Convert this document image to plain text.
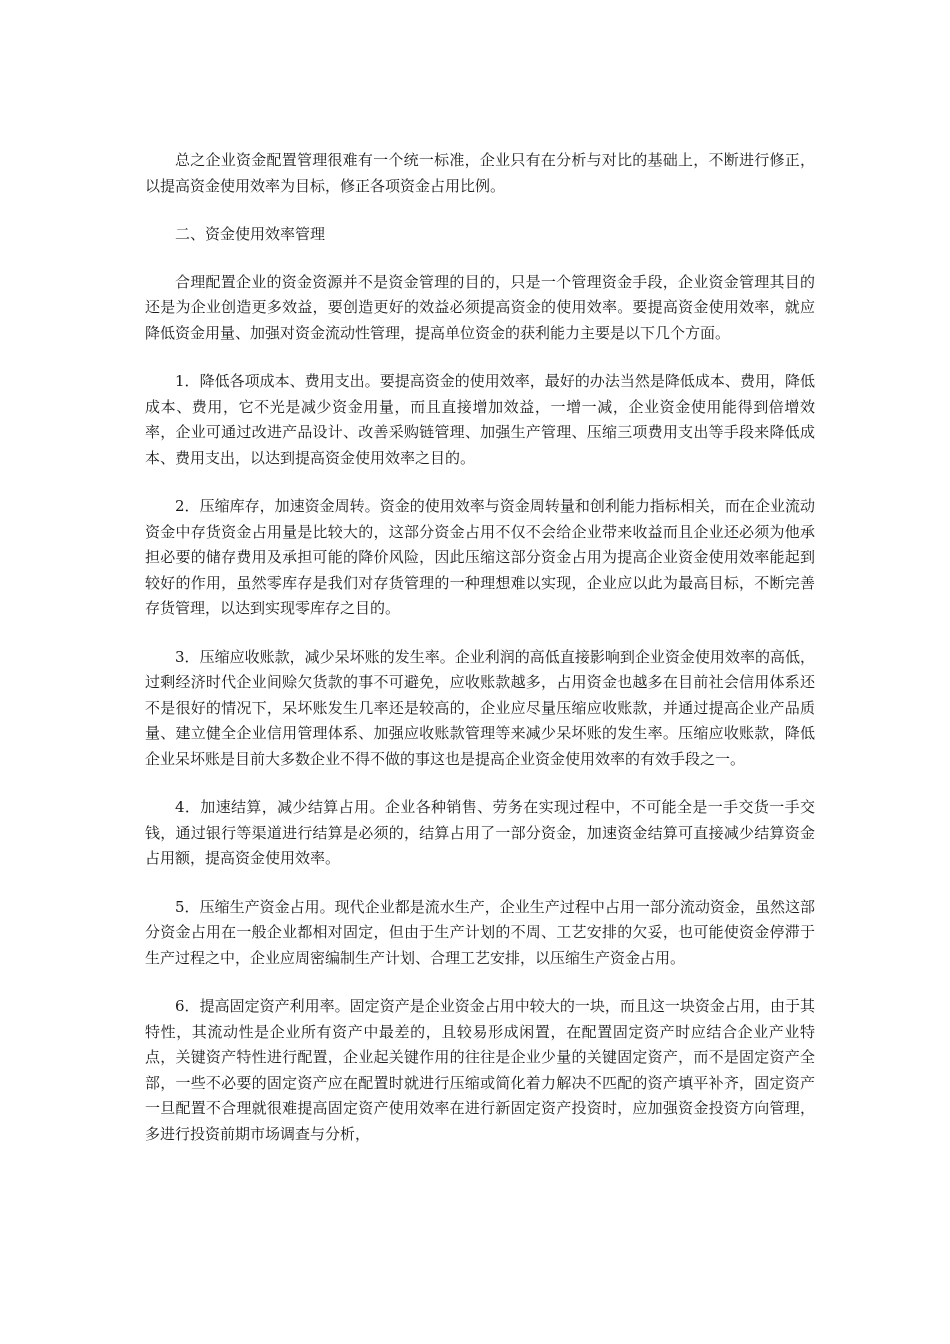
总之企业资金配置管理很难有一个统一标准，企业只有在分析与对比的基础上，不断进行修正，以提高资金使用效率为目标，修正各项资金占用比例。

二、资金使用效率管理

合理配置企业的资金资源并不是资金管理的目的，只是一个管理资金手段，企业资金管理其目的还是为企业创造更多效益，要创造更好的效益必须提高资金的使用效率。要提高资金使用效率，就应降低资金用量、加强对资金流动性管理，提高单位资金的获利能力主要是以下几个方面。

1．降低各项成本、费用支出。要提高资金的使用效率，最好的办法当然是降低成本、费用，降低成本、费用，它不光是减少资金用量，而且直接增加效益，一增一减，企业资金使用能得到倍增效率，企业可通过改进产品设计、改善采购链管理、加强生产管理、压缩三项费用支出等手段来降低成本、费用支出，以达到提高资金使用效率之目的。

2．压缩库存，加速资金周转。资金的使用效率与资金周转量和创利能力指标相关，而在企业流动资金中存货资金占用量是比较大的，这部分资金占用不仅不会给企业带来收益而且企业还必须为他承担必要的储存费用及承担可能的降价风险，因此压缩这部分资金占用为提高企业资金使用效率能起到较好的作用，虽然零库存是我们对存货管理的一种理想难以实现，企业应以此为最高目标，不断完善存货管理，以达到实现零库存之目的。

3．压缩应收账款，减少呆坏账的发生率。企业利润的高低直接影响到企业资金使用效率的高低，过剩经济时代企业间赊欠货款的事不可避免，应收账款越多，占用资金也越多在目前社会信用体系还不是很好的情况下，呆坏账发生几率还是较高的，企业应尽量压缩应收账款，并通过提高企业产品质量、建立健全企业信用管理体系、加强应收账款管理等来减少呆坏账的发生率。压缩应收账款，降低企业呆坏账是目前大多数企业不得不做的事这也是提高企业资金使用效率的有效手段之一。

4．加速结算，减少结算占用。企业各种销售、劳务在实现过程中，不可能全是一手交货一手交钱，通过银行等渠道进行结算是必须的，结算占用了一部分资金，加速资金结算可直接减少结算资金占用额，提高资金使用效率。

5．压缩生产资金占用。现代企业都是流水生产，企业生产过程中占用一部分流动资金，虽然这部分资金占用在一般企业都相对固定，但由于生产计划的不周、工艺安排的欠妥，也可能使资金停滞于生产过程之中，企业应周密编制生产计划、合理工艺安排，以压缩生产资金占用。

6．提高固定资产利用率。固定资产是企业资金占用中较大的一块，而且这一块资金占用，由于其特性，其流动性是企业所有资产中最差的，且较易形成闲置，在配置固定资产时应结合企业产业特点，关键资产特性进行配置，企业起关键作用的往往是企业少量的关键固定资产，而不是固定资产全部，一些不必要的固定资产应在配置时就进行压缩或简化着力解决不匹配的资产填平补齐，固定资产一旦配置不合理就很难提高固定资产使用效率在进行新固定资产投资时，应加强资金投资方向管理，多进行投资前期市场调查与分析，
